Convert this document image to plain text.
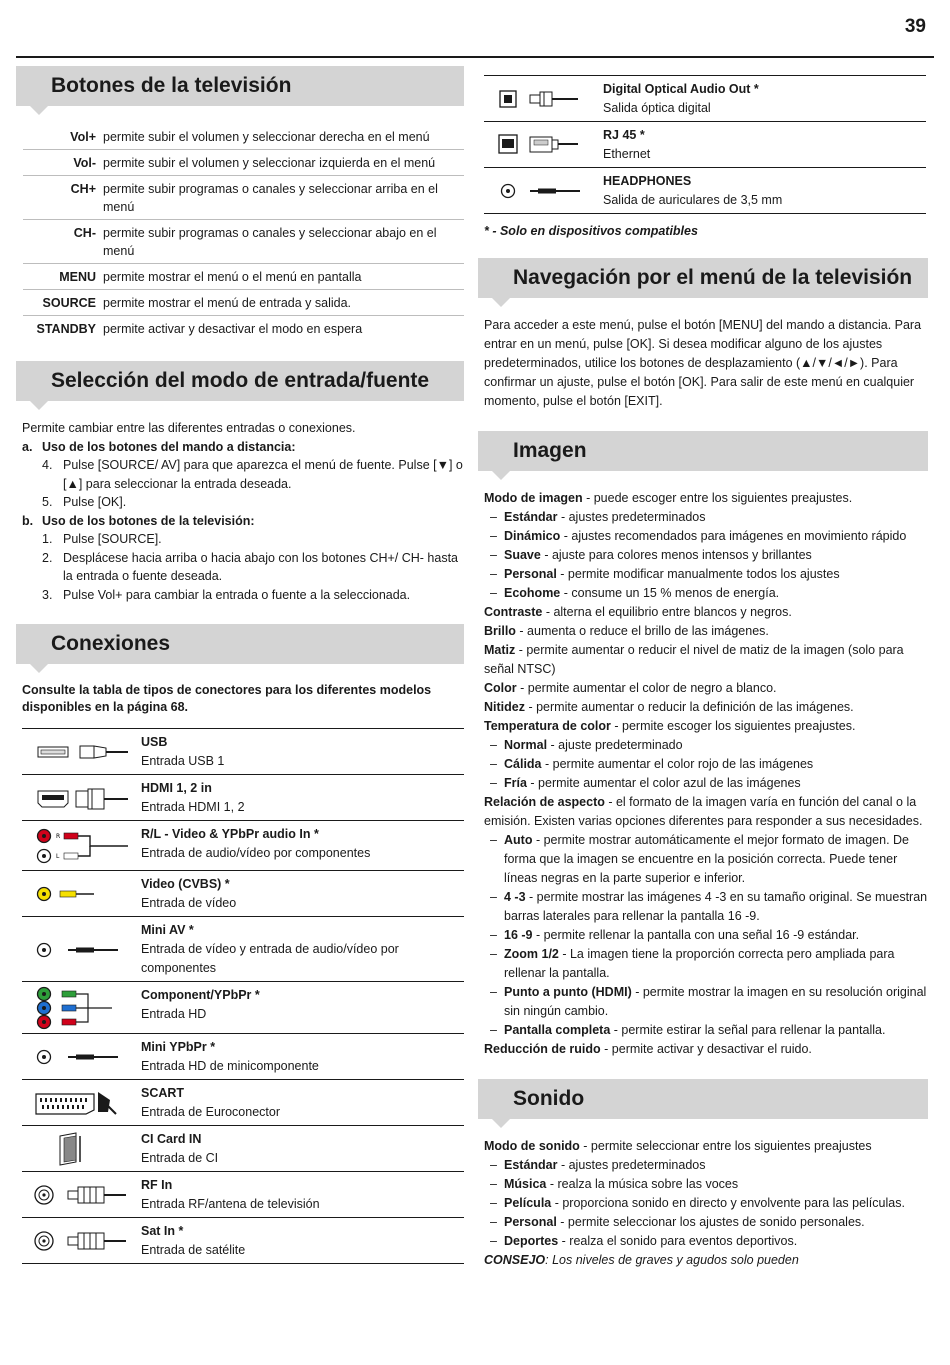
39
Botones de la televisión
Vol+ permite subir el volumen y seleccionar derecha en el menú
Vol- permite subir el volumen y seleccionar izquierda en el menú
CH+ permite subir programas o canales y seleccionar arriba en el menú
CH- permite subir programas o canales y seleccionar abajo en el menú
MENU permite mostrar el menú o el menú en pantalla
SOURCE permite mostrar el menú de entrada y salida.
STANDBY permite activar y desactivar el modo en espera
Selección del modo de entrada/fuente
Permite cambiar entre las diferentes entradas o conexiones.
a. Uso de los botones del mando a distancia:
4. Pulse [SOURCE/ AV] para que aparezca el menú de fuente. Pulse [▼] o [▲] para seleccionar la entrada deseada.
5. Pulse [OK].
b. Uso de los botones de la televisión:
1. Pulse [SOURCE].
2. Desplácese hacia arriba o hacia abajo con los botones CH+/ CH- hasta la entrada o fuente deseada.
3. Pulse Vol+ para cambiar la entrada o fuente a la seleccionada.
Conexiones
Consulte la tabla de tipos de conectores para los diferentes modelos disponibles en la página 68.
USB
Entrada USB 1
HDMI 1, 2 in
Entrada HDMI 1, 2
R
L
R/L - Video & YPbPr audio In *
Entrada de audio/vídeo por componentes
Video (CVBS) *
Entrada de vídeo
Mini AV *
Entrada de vídeo y entrada de audio/vídeo por componentes
Component/YPbPr *
Entrada HD
Mini YPbPr *
Entrada HD de minicomponente
SCART
Entrada de Euroconector
CI Card IN
Entrada de CI
RF In
Entrada RF/antena de televisión
Sat In *
Entrada de satélite
Digital Optical Audio Out *
Salida óptica digital
RJ 45 *
Ethernet
HEADPHONES
Salida de auriculares de 3,5 mm
* - Solo en dispositivos compatibles
Navegación por el menú de la televisión
Para acceder a este menú, pulse el botón [MENU] del mando a distancia. Para entrar en un menú, pulse [OK]. Si desea modificar alguno de los ajustes predeterminados, utilice los botones de desplazamiento (▲/▼/◄/►). Para confirmar un ajuste, pulse el botón [OK]. Para salir de este menú en cualquier momento, pulse el botón [EXIT].
Imagen
Modo de imagen - puede escoger entre los siguientes preajustes.
– Estándar - ajustes predeterminados
– Dinámico - ajustes recomendados para imágenes en movimiento rápido
– Suave - ajuste para colores menos intensos y brillantes
– Personal - permite modificar manualmente todos los ajustes
– Ecohome - consume un 15 % menos de energía.
Contraste - alterna el equilibrio entre blancos y negros.
Brillo - aumenta o reduce el brillo de las imágenes.
Matiz - permite aumentar o reducir el nivel de matiz de la imagen (solo para señal NTSC)
Color - permite aumentar el color de negro a blanco.
Nitidez - permite aumentar o reducir la definición de las imágenes.
Temperatura de color - permite escoger los siguientes preajustes.
– Normal - ajuste predeterminado
– Cálida - permite aumentar el color rojo de las imágenes
– Fría - permite aumentar el color azul de las imágenes
Relación de aspecto - el formato de la imagen varía en función del canal o la emisión. Existen varias opciones diferentes para responder a sus necesidades.
– Auto - permite mostrar automáticamente el mejor formato de imagen. De forma que la imagen se encuentre en la posición correcta. Puede tener líneas negras en la parte superior e inferior.
– 4 -3 - permite mostrar las imágenes 4 -3 en su tamaño original. Se muestran barras laterales para rellenar la pantalla 16 -9.
– 16 -9 - permite rellenar la pantalla con una señal 16 -9 estándar.
– Zoom 1/2 - La imagen tiene la proporción correcta pero ampliada para rellenar la pantalla.
– Punto a punto (HDMI) - permite mostrar la imagen en su resolución original sin ningún cambio.
– Pantalla completa - permite estirar la señal para rellenar la pantalla.
Reducción de ruido - permite activar y desactivar el ruido.
Sonido
Modo de sonido - permite seleccionar entre los siguientes preajustes
– Estándar - ajustes predeterminados
– Música - realza la música sobre las voces
– Película - proporciona sonido en directo y envolvente para las películas.
– Personal - permite seleccionar los ajustes de sonido personales.
– Deportes - realza el sonido para eventos deportivos.
CONSEJO: Los niveles de graves y agudos solo pueden
